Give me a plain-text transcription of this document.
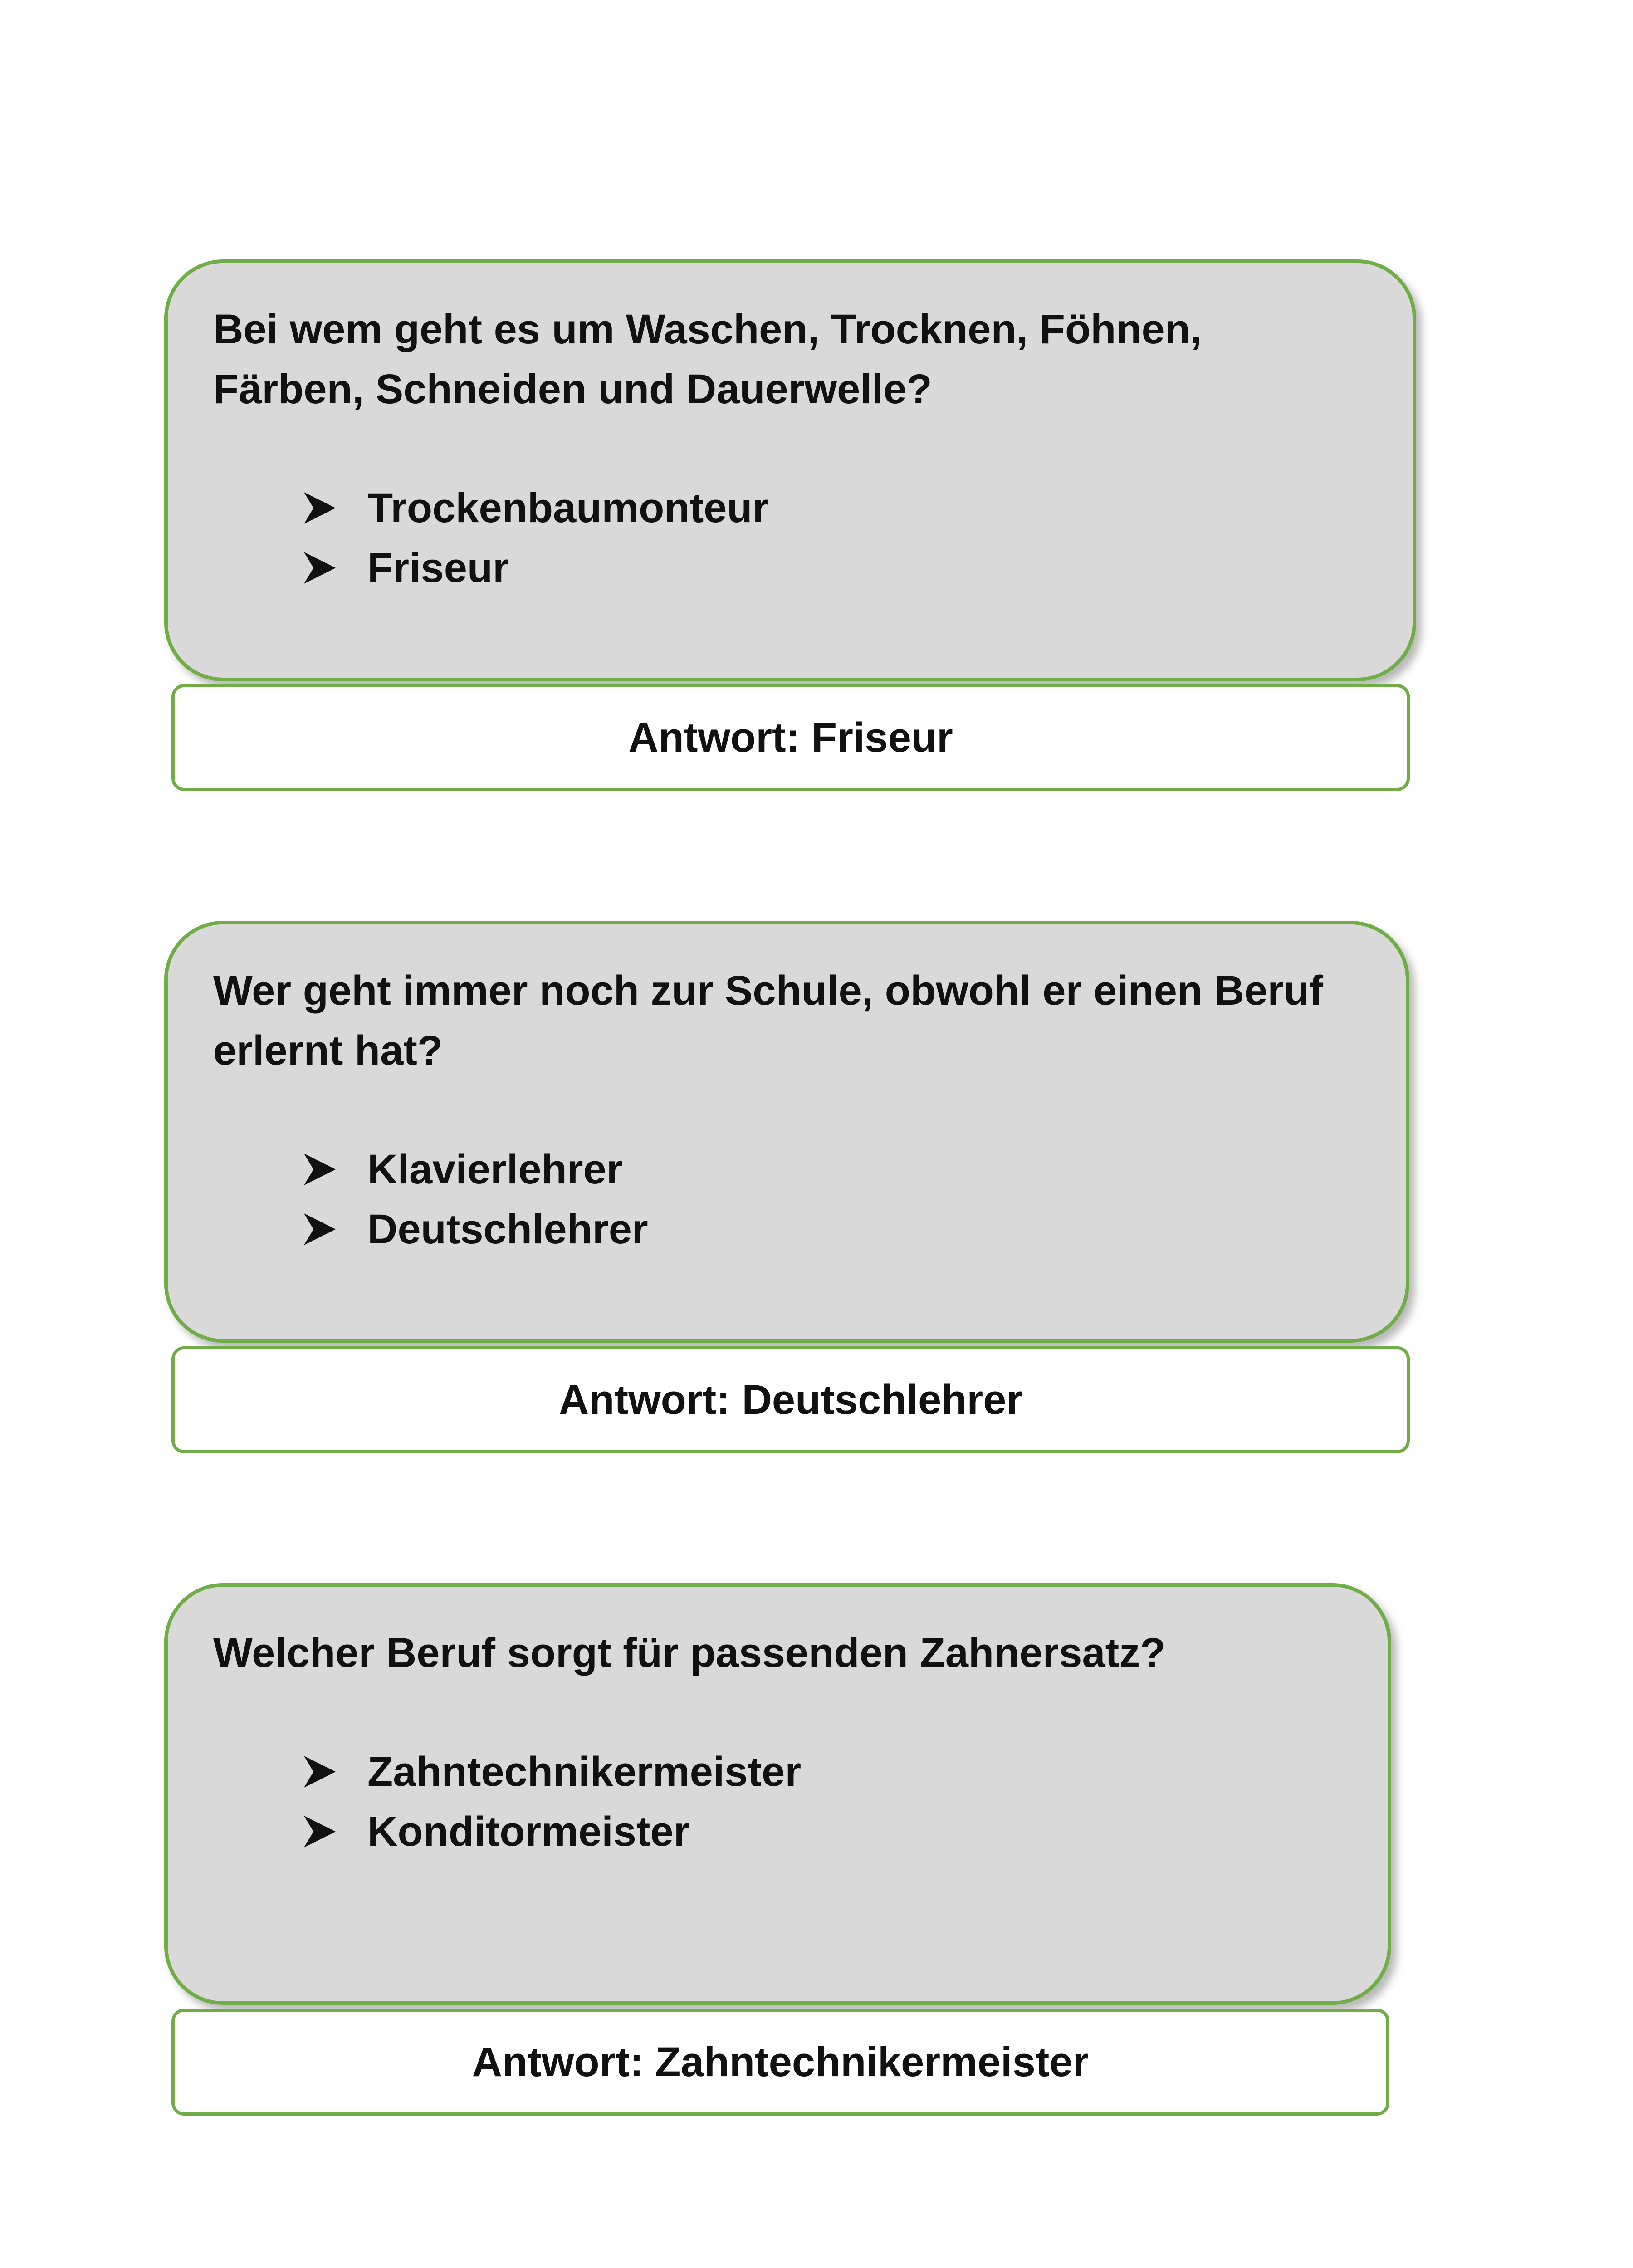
Bei wem geht es um Waschen, Trocknen, Föhnen, Färben, Schneiden und Dauerwelle?

Trockenbaumonteur
Friseur
Antwort: Friseur

Wer geht immer noch zur Schule, obwohl er einen Beruf erlernt hat?

Klavierlehrer
Deutschlehrer
Antwort: Deutschlehrer

Welcher Beruf sorgt für passenden Zahnersatz?

Zahntechnikermeister
Konditormeister
Antwort: Zahntechnikermeister
